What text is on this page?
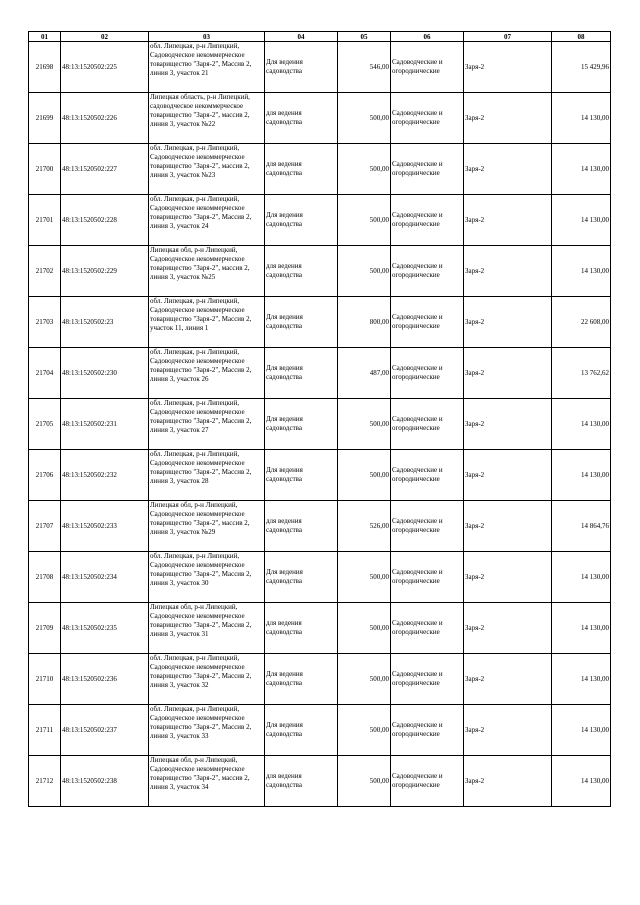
01	02	03	04	05	06	07	08
21698	48:13:1520502:225	обл. Липецкая, р-н Липецкий, Садоводческое некоммерческое товарищество "Заря-2", Массив 2, линия 3, участок 21	Для ведения садоводства	546,00	Садоводческие и огороднические	Заря-2	15 429,96
21699	48:13:1520502:226	Липецкая область, р-н Липецкий, садоводческое некоммерческое товарищество "Заря-2", массив 2, линия 3, участок №22	для ведения садоводства	500,00	Садоводческие и огороднические	Заря-2	14 130,00
21700	48:13:1520502:227	обл. Липецкая, р-н Липецкий, Садоводческое некоммерческое товарищество "Заря-2", массив 2, линия 3, участок №23	для ведения садоводства	500,00	Садоводческие и огороднические	Заря-2	14 130,00
21701	48:13:1520502:228	обл. Липецкая, р-н Липецкий, Садоводческое некоммерческое товарищество "Заря-2", Массив 2, линия 3, участок 24	Для ведения садоводства	500,00	Садоводческие и огороднические	Заря-2	14 130,00
21702	48:13:1520502:229	Липецкая обл, р-н Липецкий, Садоводческое некоммерческое товарищество "Заря-2", массив 2, линия 3, участок №25	для ведения садоводства	500,00	Садоводческие и огороднические	Заря-2	14 130,00
21703	48:13:1520502:23	обл. Липецкая, р-н Липецкий, Садоводческое некоммерческое товарищество "Заря-2", Массив 2, участок 11, линия 1	Для ведения садоводства	800,00	Садоводческие и огороднические	Заря-2	22 608,00
21704	48:13:1520502:230	обл. Липецкая, р-н Липецкий, Садоводческое некоммерческое товарищество "Заря-2", Массив 2, линия 3, участок 26	Для ведения садоводства	487,00	Садоводческие и огороднические	Заря-2	13 762,62
21705	48:13:1520502:231	обл. Липецкая, р-н Липецкий, Садоводческое некоммерческое товарищество "Заря-2", Массив 2, линия 3, участок 27	Для ведения садоводства	500,00	Садоводческие и огороднические	Заря-2	14 130,00
21706	48:13:1520502:232	обл. Липецкая, р-н Липецкий, Садоводческое некоммерческое товарищество "Заря-2", Массив 2, линия 3, участок 28	Для ведения садоводства	500,00	Садоводческие и огороднические	Заря-2	14 130,00
21707	48:13:1520502:233	Липецкая обл, р-н Липецкий, Садоводческое некоммерческое товарищество "Заря-2", массив 2, линия 3, участок №29	для ведения садоводства	526,00	Садоводческие и огороднические	Заря-2	14 864,76
21708	48:13:1520502:234	обл. Липецкая, р-н Липецкий, Садоводческое некоммерческое товарищество "Заря-2", Массив 2, линия 3, участок 30	Для ведения садоводства	500,00	Садоводческие и огороднические	Заря-2	14 130,00
21709	48:13:1520502:235	Липецкая обл, р-н Липецкий, Садоводческое некоммерческое товарищество "Заря-2", Массив 2, линия 3, участок 31	для ведения садоводства	500,00	Садоводческие и огороднические	Заря-2	14 130,00
21710	48:13:1520502:236	обл. Липецкая, р-н Липецкий, Садоводческое некоммерческое товарищество "Заря-2", Массив 2, линия 3, участок 32	Для ведения садоводства	500,00	Садоводческие и огороднические	Заря-2	14 130,00
21711	48:13:1520502:237	обл. Липецкая, р-н Липецкий, Садоводческое некоммерческое товарищество "Заря-2", Массив 2, линия 3, участок 33	Для ведения садоводства	500,00	Садоводческие и огороднические	Заря-2	14 130,00
21712	48:13:1520502:238	Липецкая обл, р-н Липецкий, Садоводческое некоммерческое товарищество "Заря-2", массив 2, линия 3, участок 34	для ведения садоводства	500,00	Садоводческие и огороднические	Заря-2	14 130,00
